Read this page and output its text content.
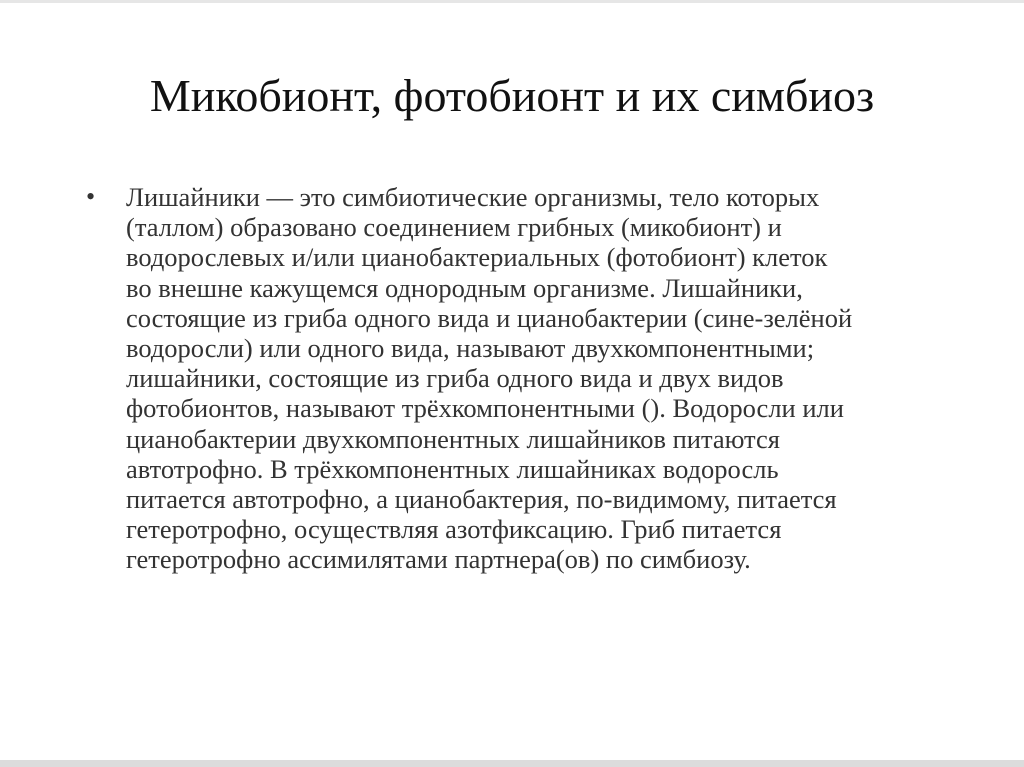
Микобионт, фотобионт и их симбиоз
•	Лишайники — это симбиотические организмы, тело которых
(таллом) образовано соединением грибных (микобионт) и
водорослевых и/или цианобактериальных (фотобионт) клеток
во внешне кажущемся однородным организме. Лишайники,
состоящие из гриба одного вида и цианобактерии (сине-зелёной
водоросли) или одного вида, называют двухкомпонентными;
лишайники, состоящие из гриба одного вида и двух видов
фотобионтов, называют трёхкомпонентными (). Водоросли или
цианобактерии двухкомпонентных лишайников питаются
автотрофно. В трёхкомпонентных лишайниках водоросль
питается автотрофно, а цианобактерия, по-видимому, питается
гетеротрофно, осуществляя азотфиксацию. Гриб питается
гетеротрофно ассимилятами партнера(ов) по симбиозу.
